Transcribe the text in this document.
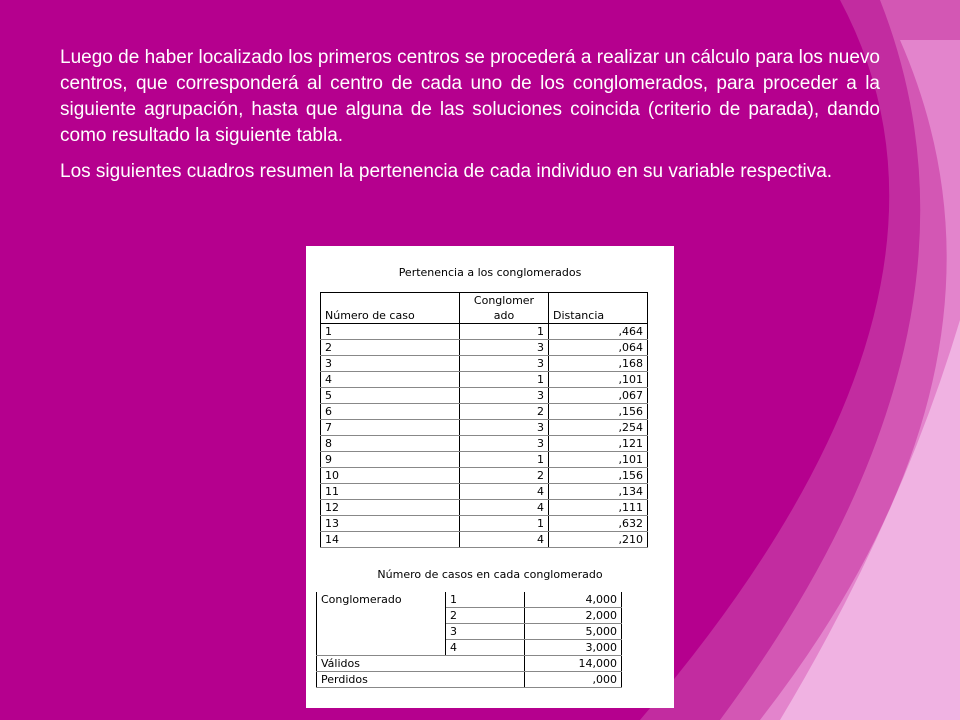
Luego de haber localizado los primeros centros se procederá a realizar un cálculo para los nuevo centros, que corresponderá al centro de cada uno de los conglomerados, para proceder a la siguiente agrupación, hasta que alguna de las soluciones coincida (criterio de parada), dando como resultado la siguiente tabla.

Los siguientes cuadros resumen la pertenencia de cada individuo en su variable respectiva.

Pertenencia a los conglomerados
Número de caso	Conglomer ado	Distancia
1	1	,464
2	3	,064
3	3	,168
4	1	,101
5	3	,067
6	2	,156
7	3	,254
8	3	,121
9	1	,101
10	2	,156
11	4	,134
12	4	,111
13	1	,632
14	4	,210
Número de casos en cada conglomerado
Conglomerado	1	4,000
	2	2,000
	3	5,000
	4	3,000
Válidos		14,000
Perdidos		,000
